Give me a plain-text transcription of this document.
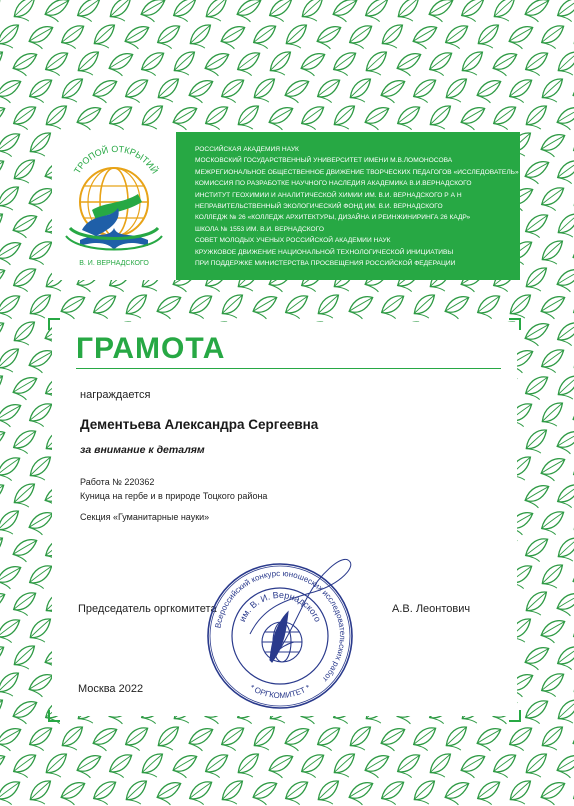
ТРОПОЙ ОТКРЫТИЙ
В. И. ВЕРНАДСКОГО
РОССИЙСКАЯ АКАДЕМИЯ НАУК
МОСКОВСКИЙ ГОСУДАРСТВЕННЫЙ УНИВЕРСИТЕТ ИМЕНИ М.В.ЛОМОНОСОВА
МЕЖРЕГИОНАЛЬНОЕ ОБЩЕСТВЕННОЕ ДВИЖЕНИЕ ТВОРЧЕСКИХ ПЕДАГОГОВ «ИССЛЕДОВАТЕЛЬ»
КОМИССИЯ ПО РАЗРАБОТКЕ НАУЧНОГО НАСЛЕДИЯ АКАДЕМИКА В.И.ВЕРНАДСКОГО
ИНСТИТУТ ГЕОХИМИИ И АНАЛИТИЧЕСКОЙ ХИМИИ ИМ. В.И. ВЕРНАДСКОГО Р А Н
НЕПРАВИТЕЛЬСТВЕННЫЙ ЭКОЛОГИЧЕСКИЙ ФОНД ИМ. В.И. ВЕРНАДСКОГО
КОЛЛЕДЖ № 26 «КОЛЛЕДЖ АРХИТЕКТУРЫ, ДИЗАЙНА И РЕИНЖИНИРИНГА 26 КАДР»
ШКОЛА № 1553 ИМ. В.И. ВЕРНАДСКОГО
СОВЕТ МОЛОДЫХ УЧЕНЫХ РОССИЙСКОЙ АКАДЕМИИ НАУК
КРУЖКОВОЕ ДВИЖЕНИЕ НАЦИОНАЛЬНОЙ ТЕХНОЛОГИЧЕСКОЙ ИНИЦИАТИВЫ
ПРИ ПОДДЕРЖКЕ МИНИСТЕРСТВА ПРОСВЕЩЕНИЯ РОССИЙСКОЙ ФЕДЕРАЦИИ
ГРАМОТА

награждается

Дементьева Александра Сергеевна

за внимание к деталям

Работа № 220362

Куница на гербе и в природе Тоцкого района

Секция «Гуманитарные науки»

Председатель оргкомитета	А.В. Леонтович

Москва 2022

Всероссийский конкурс юношеских исследовательских работ
им. В. И. Вернадского
* ОРГКОМИТЕТ *
